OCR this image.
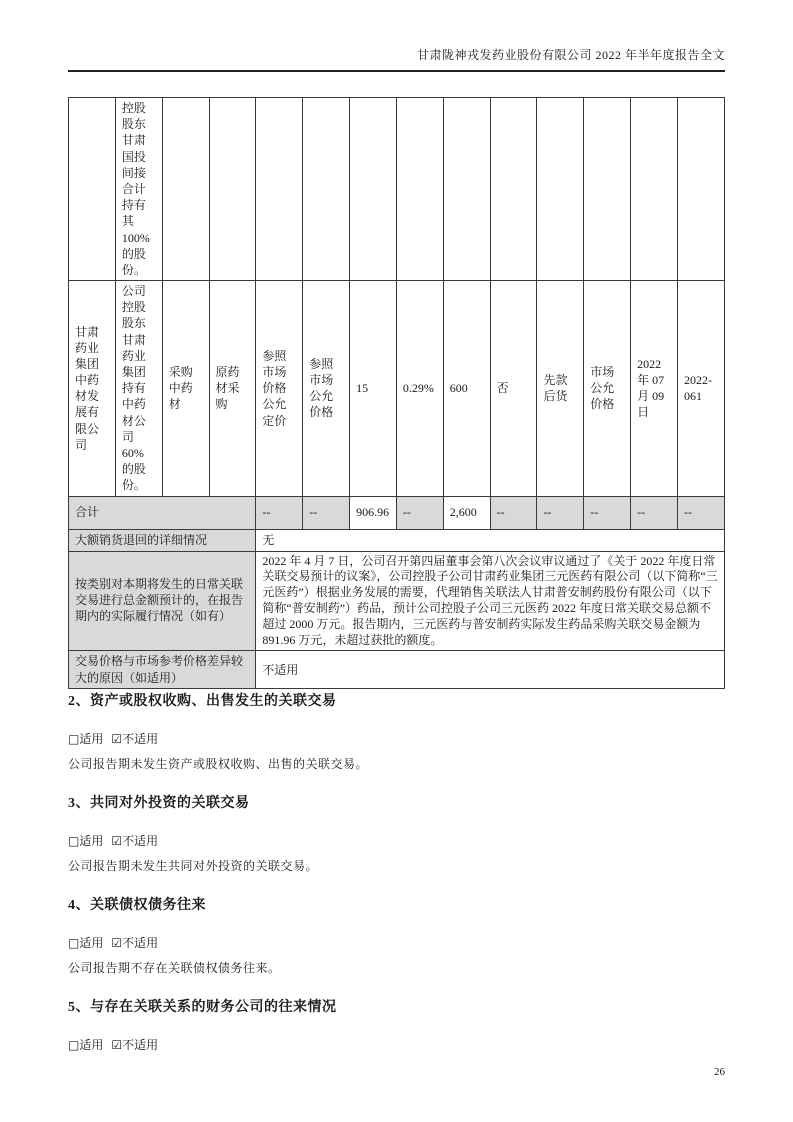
甘肃陇神戎发药业股份有限公司 2022 年半年度报告全文
	控股股东甘肃国投间接合计持有其100%的股份。												
甘肃药业集团中药材发展有限公司	公司控股股东甘肃药业集团持有中药材公司60%的股份。	采购中药材	原药材采购	参照市场价格公允定价	参照市场公允价格	15	0.29%	600	否	先款后货	市场公允价格	2022 年 07 月 09 日	2022-061
合计				--	--	906.96	--	2,600	--	--	--	--	--
大额销货退回的详细情况				无									
按类别对本期将发生的日常关联交易进行总金额预计的，在报告期内的实际履行情况（如有）				2022 年 4 月 7 日，公司召开第四届董事会第八次会议审议通过了《关于 2022 年度日常关联交易预计的议案》，公司控股子公司甘肃药业集团三元医药有限公司（以下简称“三元医药”）根据业务发展的需要，代理销售关联法人甘肃普安制药股份有限公司（以下简称“普安制药”）药品，预计公司控股子公司三元医药 2022 年度日常关联交易总额不超过 2000 万元。报告期内，三元医药与普安制药实际发生药品采购关联交易金额为 891.96 万元，未超过获批的额度。									
交易价格与市场参考价格差异较大的原因（如适用）				不适用									
2、资产或股权收购、出售发生的关联交易

□适用 ☑不适用

公司报告期未发生资产或股权收购、出售的关联交易。

3、共同对外投资的关联交易

□适用 ☑不适用

公司报告期未发生共同对外投资的关联交易。

4、关联债权债务往来

□适用 ☑不适用

公司报告期不存在关联债权债务往来。

5、与存在关联关系的财务公司的往来情况

□适用 ☑不适用

26
